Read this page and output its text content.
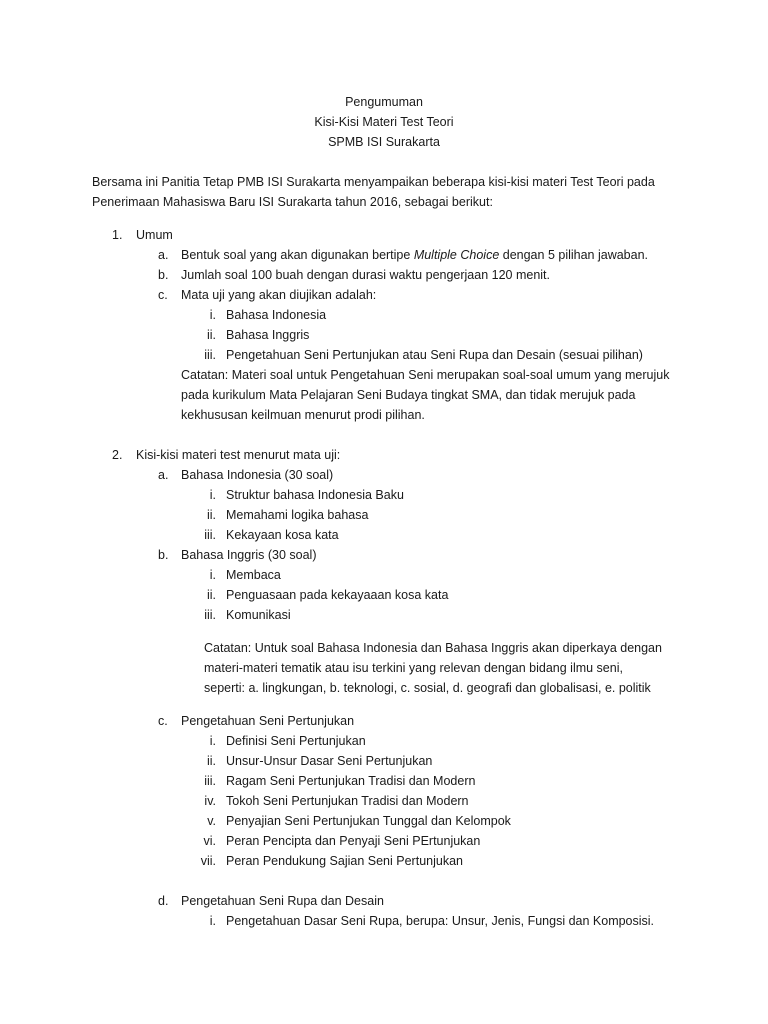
Pengumuman
Kisi-Kisi Materi Test Teori
SPMB ISI Surakarta
Bersama ini Panitia Tetap PMB ISI Surakarta menyampaikan beberapa kisi-kisi materi Test Teori pada
Penerimaan Mahasiswa Baru ISI Surakarta tahun 2016, sebagai berikut:
1. Umum
a. Bentuk soal yang akan digunakan bertipe Multiple Choice dengan 5 pilihan jawaban.
b. Jumlah soal 100 buah dengan durasi waktu pengerjaan 120 menit.
c. Mata uji yang akan diujikan adalah:
i. Bahasa Indonesia
ii. Bahasa Inggris
iii. Pengetahuan Seni Pertunjukan atau Seni Rupa dan Desain (sesuai pilihan)
Catatan: Materi soal untuk Pengetahuan Seni merupakan soal-soal umum yang merujuk
pada kurikulum Mata Pelajaran Seni Budaya tingkat SMA, dan tidak merujuk pada
kekhususan keilmuan menurut prodi pilihan.
2. Kisi-kisi materi test menurut mata uji:
a. Bahasa Indonesia (30 soal)
i. Struktur bahasa Indonesia Baku
ii. Memahami logika bahasa
iii. Kekayaan kosa kata
b. Bahasa Inggris (30 soal)
i. Membaca
ii. Penguasaan pada kekayaaan kosa kata
iii. Komunikasi
Catatan: Untuk soal Bahasa Indonesia dan Bahasa Inggris akan diperkaya dengan
materi-materi tematik atau isu terkini yang relevan dengan bidang ilmu seni,
seperti: a. lingkungan, b. teknologi, c. sosial, d. geografi dan globalisasi, e. politik
c. Pengetahuan Seni Pertunjukan
i. Definisi Seni Pertunjukan
ii. Unsur-Unsur Dasar Seni Pertunjukan
iii. Ragam Seni Pertunjukan Tradisi dan Modern
iv. Tokoh Seni Pertunjukan Tradisi dan Modern
v. Penyajian Seni Pertunjukan Tunggal dan Kelompok
vi. Peran Pencipta dan Penyaji Seni PErtunjukan
vii. Peran Pendukung Sajian Seni Pertunjukan
d. Pengetahuan Seni Rupa dan Desain
i. Pengetahuan Dasar Seni Rupa, berupa: Unsur, Jenis, Fungsi dan Komposisi.
